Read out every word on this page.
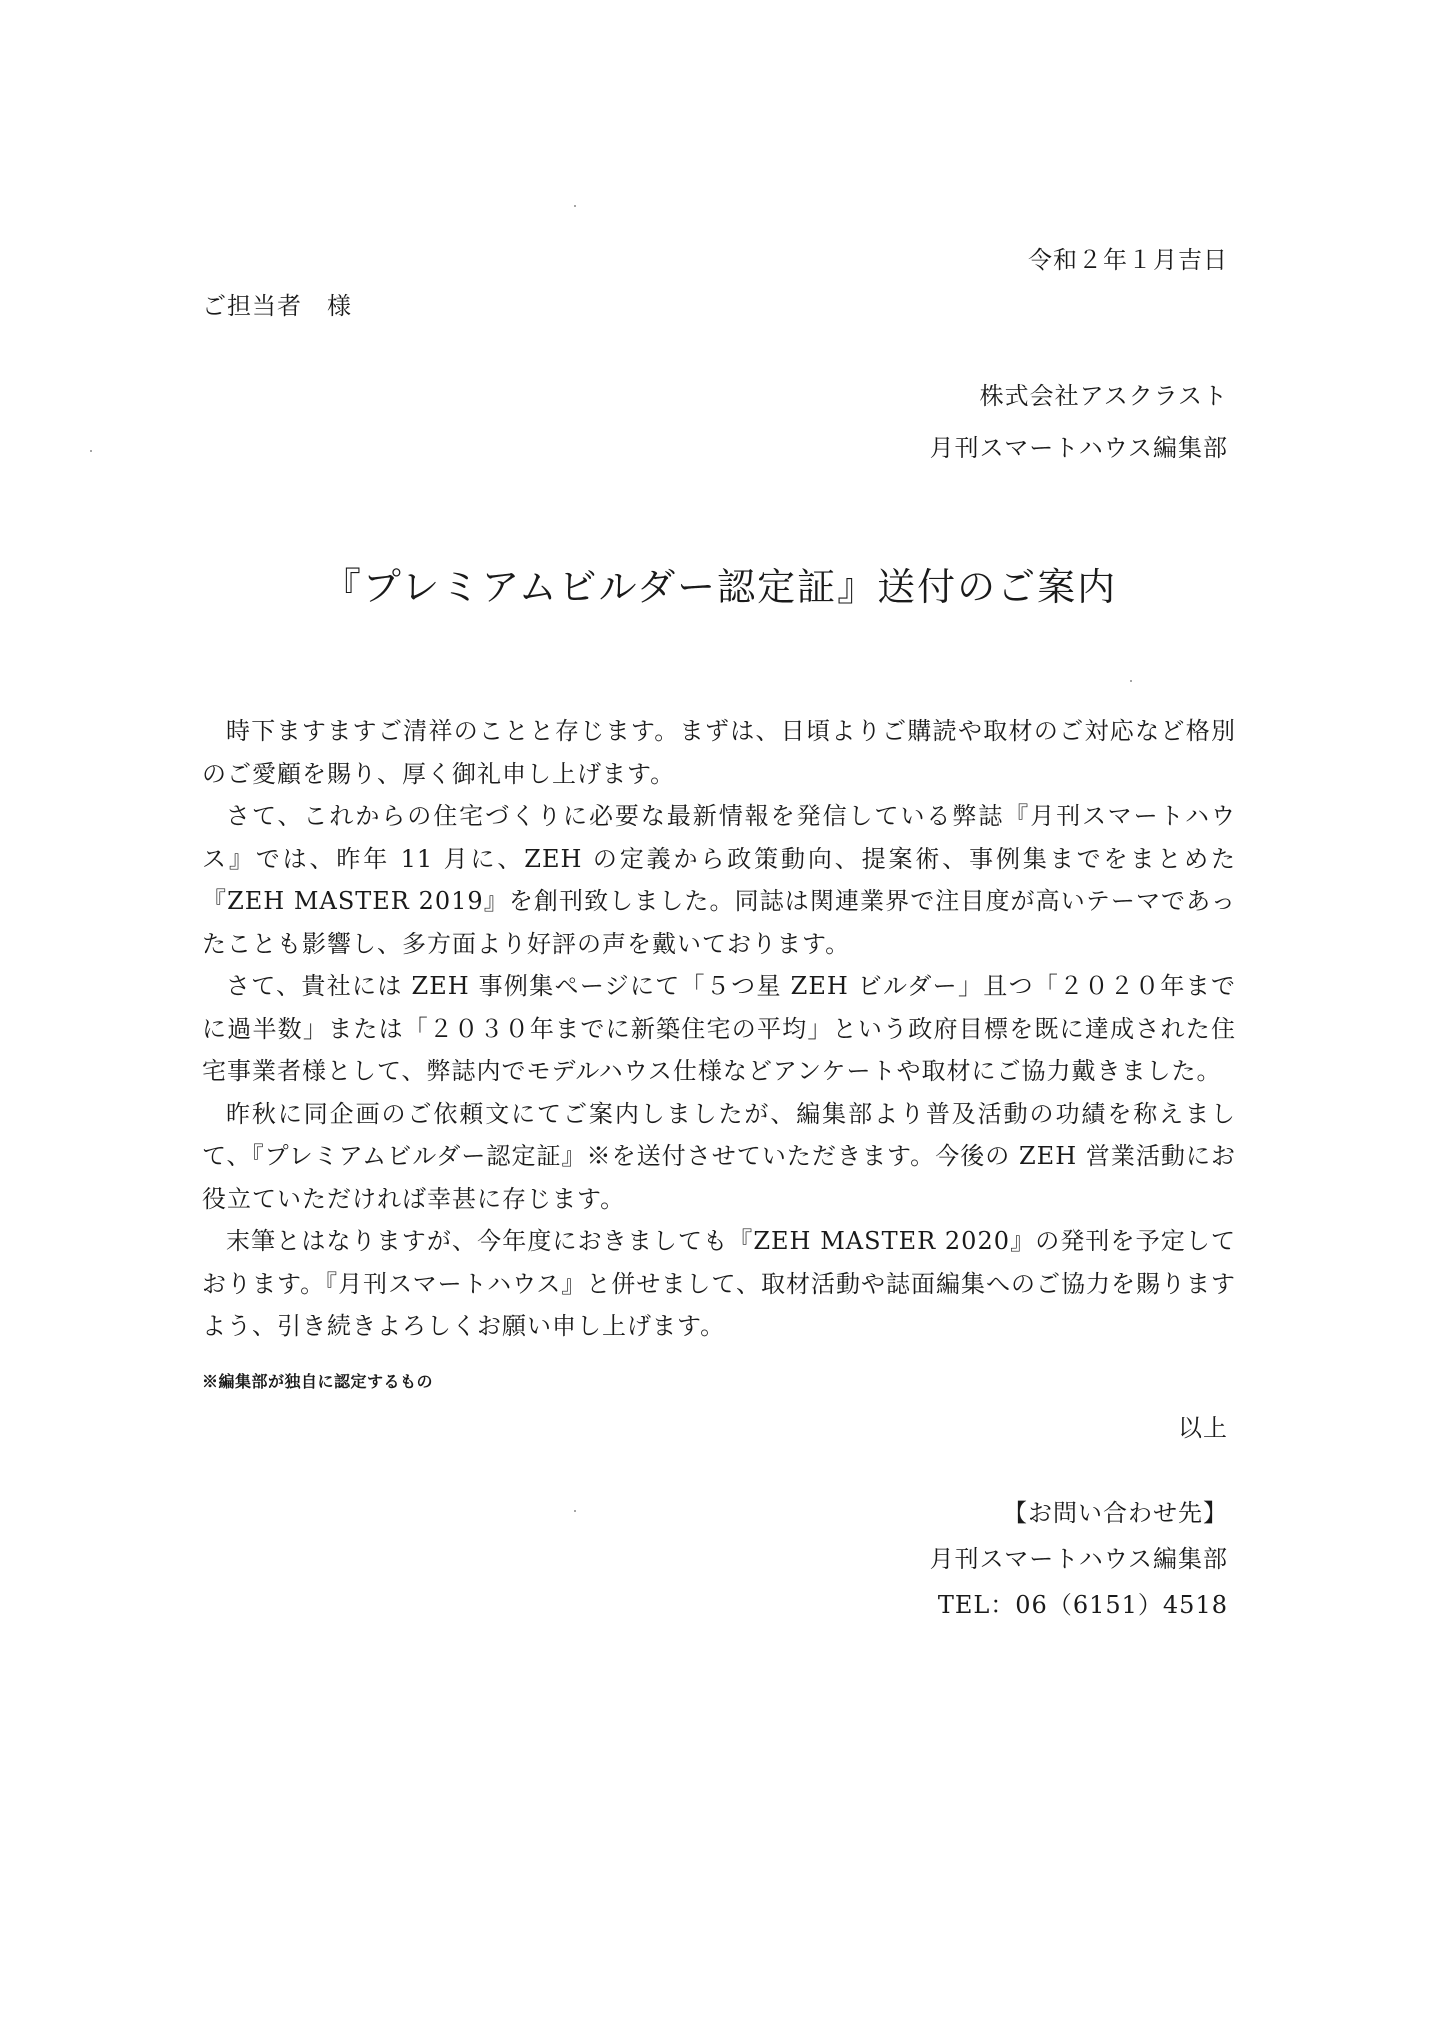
令和２年１月吉日
ご担当者　様
株式会社アスクラスト
月刊スマートハウス編集部
『プレミアムビルダー認定証』送付のご案内

時下ますますご清祥のことと存じます。まずは、日頃よりご購読や取材のご対応など格別のご愛顧を賜り、厚く御礼申し上げます。

さて、これからの住宅づくりに必要な最新情報を発信している弊誌『月刊スマートハウス』では、昨年 11 月に、ZEH の定義から政策動向、提案術、事例集までをまとめた『ZEH MASTER 2019』を創刊致しました。同誌は関連業界で注目度が高いテーマであったことも影響し、多方面より好評の声を戴いております。

さて、貴社には ZEH 事例集ページにて「５つ星 ZEH ビルダー」且つ「２０２０年までに過半数」または「２０３０年までに新築住宅の平均」という政府目標を既に達成された住宅事業者様として、弊誌内でモデルハウス仕様などアンケートや取材にご協力戴きました。

昨秋に同企画のご依頼文にてご案内しましたが、編集部より普及活動の功績を称えまして、『プレミアムビルダー認定証』※を送付させていただきます。今後の ZEH 営業活動にお役立ていただければ幸甚に存じます。

末筆とはなりますが、今年度におきましても『ZEH MASTER 2020』の発刊を予定しております。『月刊スマートハウス』と併せまして、取材活動や誌面編集へのご協力を賜りますよう、引き続きよろしくお願い申し上げます。

※編集部が独自に認定するもの
以上
【お問い合わせ先】
月刊スマートハウス編集部
TEL：06（6151）4518
